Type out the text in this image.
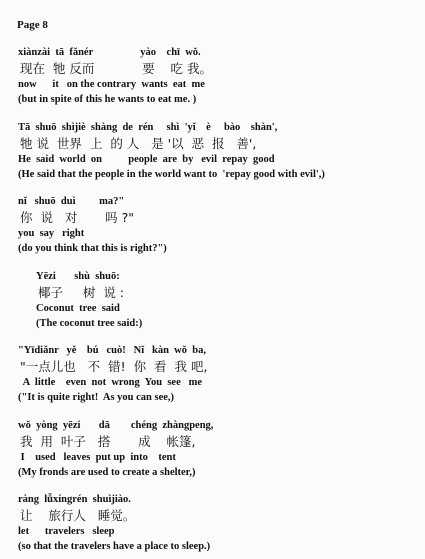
Page 8
xiànzài  tā  fǎnér                  yào    chī  wǒ.
现在  牠 反而            要    吃 我。
now      it   on the contrary  wants  eat  me
(but in spite of this he wants to eat me. )
Tā  shuō  shìjiè  shàng  de  rén     shì  'yǐ    è     bào    shàn',
牠 说  世界  上  的 人   是 '以  恶  报   善',
He  said  world  on          people  are  by   evil  repay  good
(He said that the people in the world want to  'repay good with evil',)
nǐ   shuō  duì         ma?"
你  说   对       吗 ?"
you  say   right
(do you think that this is right?")
Yēzi       shù  shuō:
椰子     树  说 :
Coconut  tree  said
(The coconut tree said:)
"Yīdiǎnr   yě    bú   cuò!   Nǐ   kàn  wǒ  ba,
"一点儿也   不  错!  你  看  我 吧,
A  little    even  not  wrong  You  see   me
("It is quite right!  As you can see,)
wǒ  yòng  yēzi       dā        chéng  zhàngpeng,
我  用  叶子   搭       成    帐篷,
I    used   leaves  put up  into    tent
(My fronds are used to create a shelter,)
ràng  lǚxíngrén  shuìjiào.
让    旅行人   睡觉。
let      travelers   sleep
(so that the travelers have a place to sleep.)
